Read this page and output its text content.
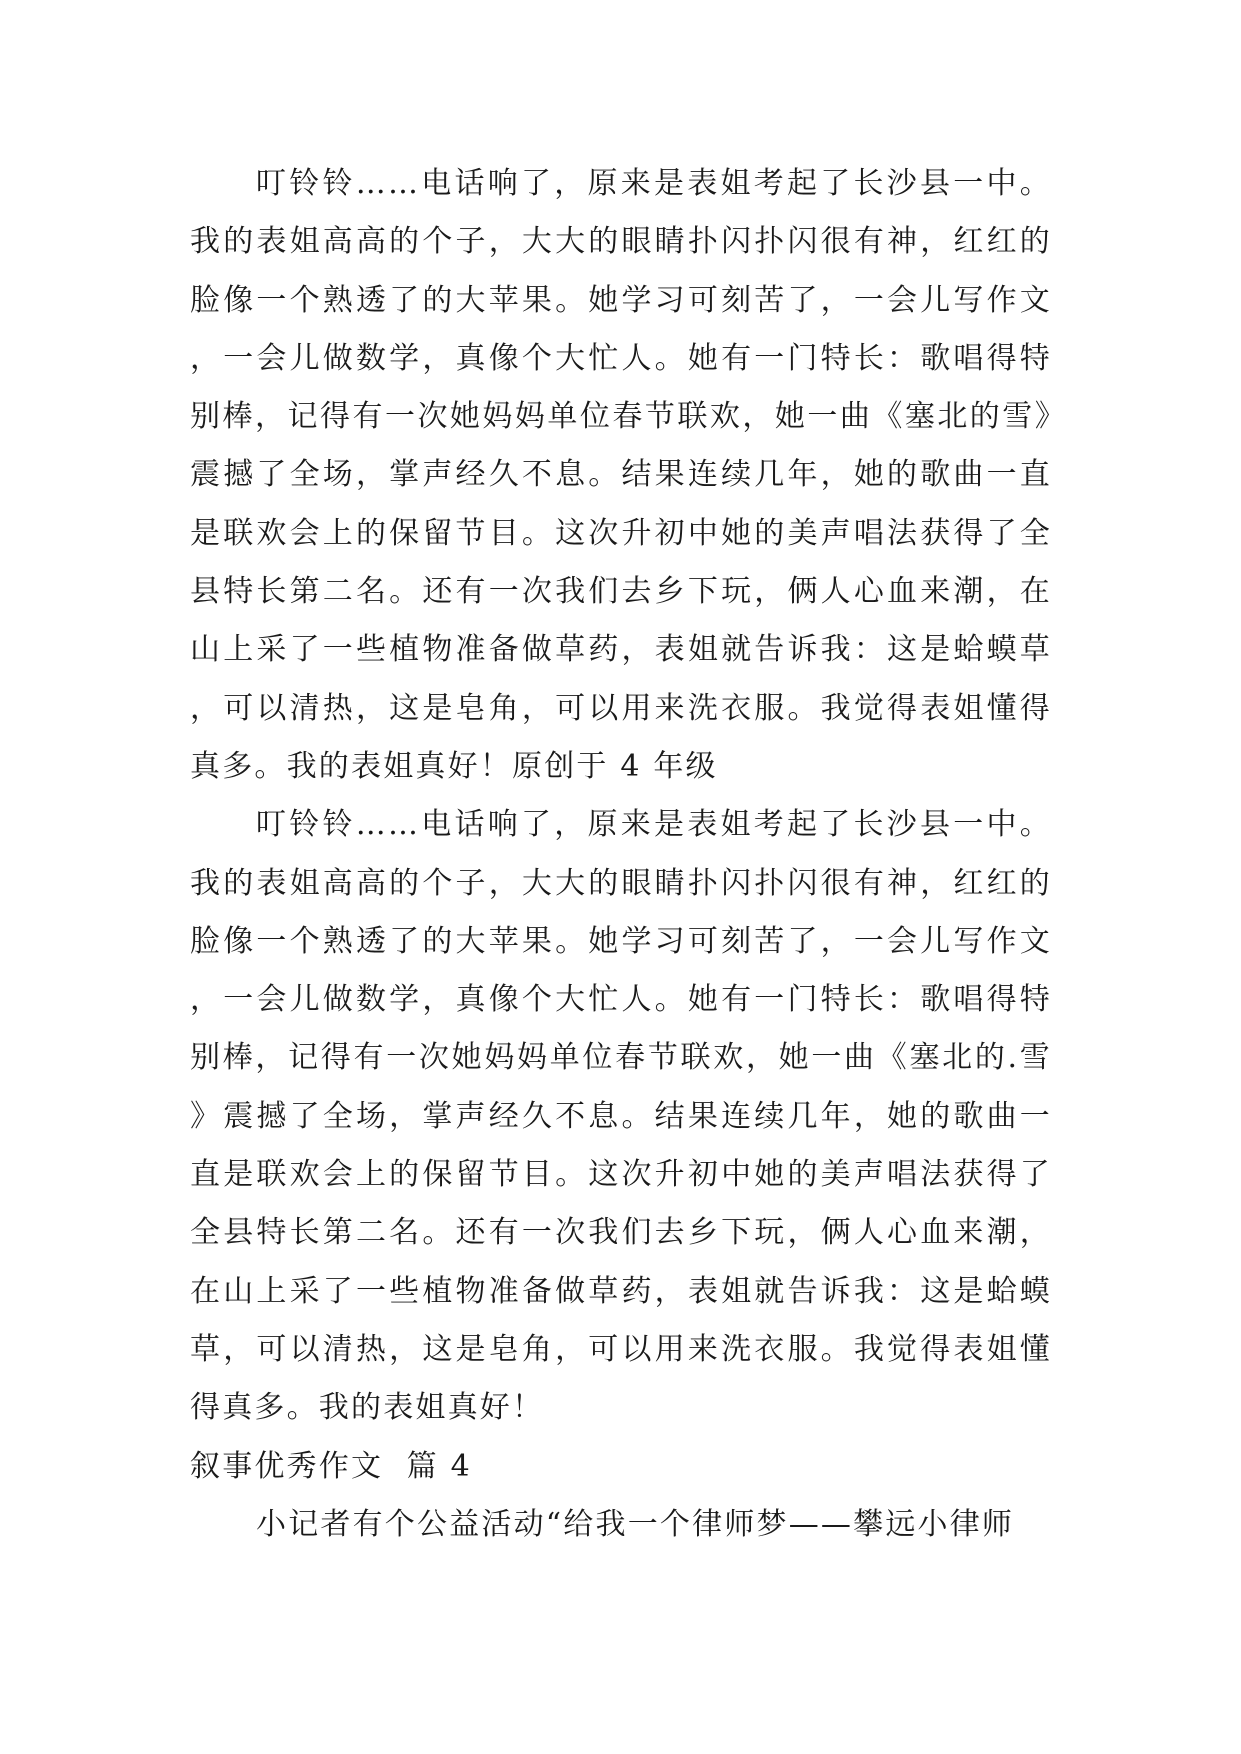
叮铃铃……电话响了，原来是表姐考起了长沙县一中。我的表姐高高的个子，大大的眼睛扑闪扑闪很有神，红红的脸像一个熟透了的大苹果。她学习可刻苦了，一会儿写作文，一会儿做数学，真像个大忙人。她有一门特长：歌唱得特别棒，记得有一次她妈妈单位春节联欢，她一曲《塞北的雪》震撼了全场，掌声经久不息。结果连续几年，她的歌曲一直是联欢会上的保留节目。这次升初中她的美声唱法获得了全县特长第二名。还有一次我们去乡下玩，俩人心血来潮，在山上采了一些植物准备做草药，表姐就告诉我：这是蛤蟆草，可以清热，这是皂角，可以用来洗衣服。我觉得表姐懂得真多。我的表姐真好！原创于 4 年级

叮铃铃……电话响了，原来是表姐考起了长沙县一中。我的表姐高高的个子，大大的眼睛扑闪扑闪很有神，红红的脸像一个熟透了的大苹果。她学习可刻苦了，一会儿写作文，一会儿做数学，真像个大忙人。她有一门特长：歌唱得特别棒，记得有一次她妈妈单位春节联欢，她一曲《塞北的.雪》震撼了全场，掌声经久不息。结果连续几年，她的歌曲一直是联欢会上的保留节目。这次升初中她的美声唱法获得了全县特长第二名。还有一次我们去乡下玩，俩人心血来潮，在山上采了一些植物准备做草药，表姐就告诉我：这是蛤蟆草，可以清热，这是皂角，可以用来洗衣服。我觉得表姐懂得真多。我的表姐真好！

叙事优秀作文  篇 4

小记者有个公益活动“给我一个律师梦——攀远小律师
